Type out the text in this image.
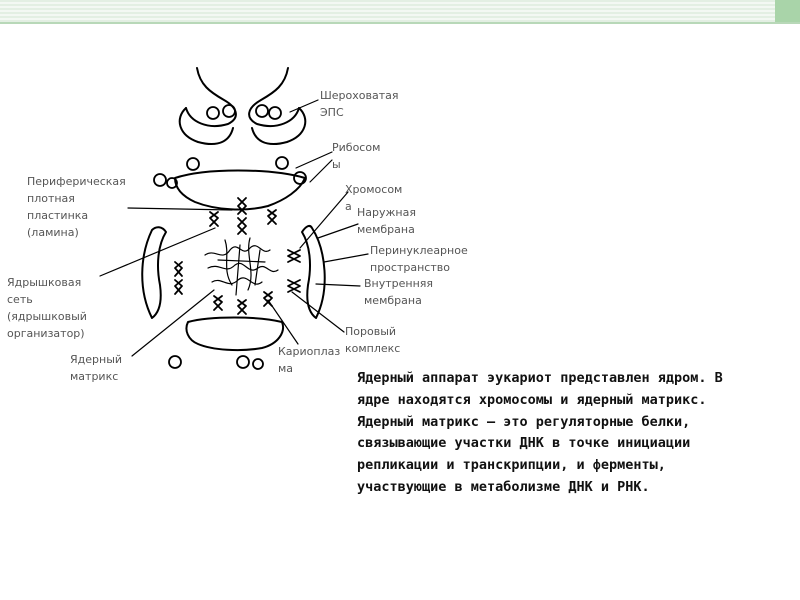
Шероховатая
ЭПС
Рибосом
ы
Хромосом
а Наружная
мембрана
Перинуклеарное
пространство
Внутренняя
мембрана
Поровый
комплекс
Кариоплаз
ма
Периферическая
плотная
пластинка
(ламина)
Ядрышковая
сеть
(ядрышковый
организатор)
Ядерный
матрикс	Ядерный аппарат эукариот представлен ядром. В ядре находятся хромосомы и ядерный матрикс. Ядерный матрикс – это регуляторные белки, связывающие участки ДНК в точке инициации репликации и транскрипции, и ферменты, участвующие в метаболизме ДНК и РНК.
